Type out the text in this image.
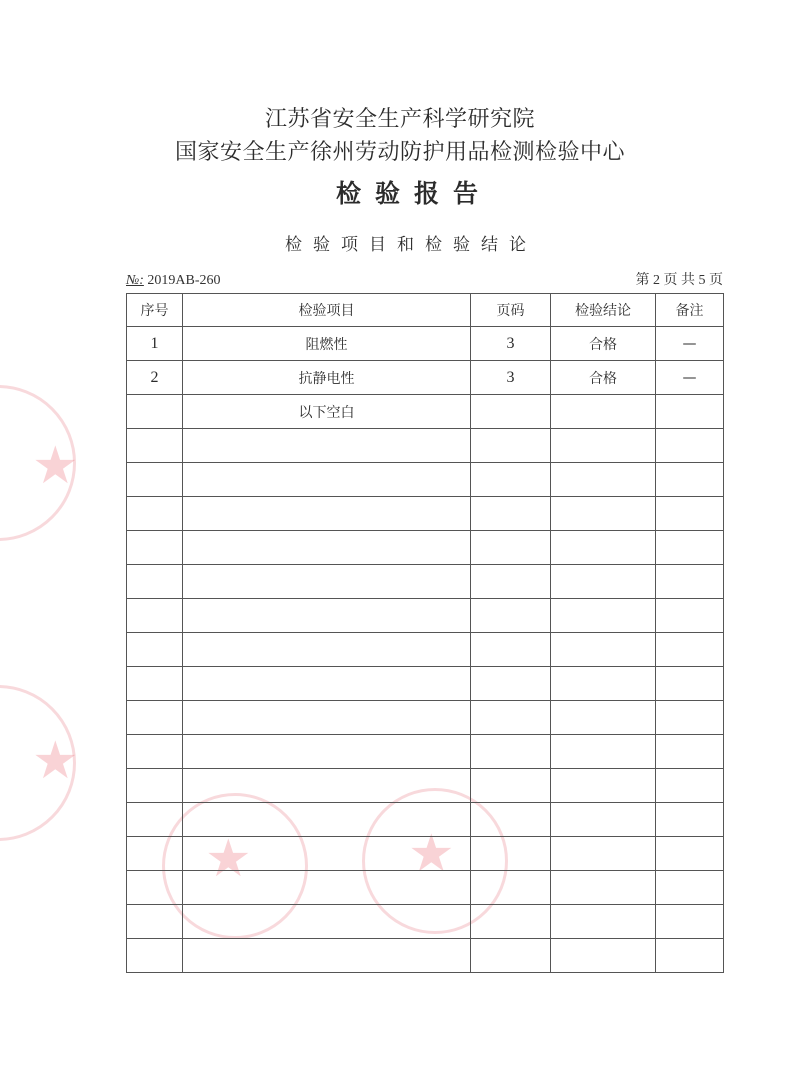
★
★
★	★
江苏省安全生产科学研究院
国家安全生产徐州劳动防护用品检测检验中心
检验报告
检验项目和检验结论
№: 2019AB-260	第 2 页 共 5 页
序号	检验项目	页码	检验结论	备注
1	阻燃性	3	合格	—
2	抗静电性	3	合格	—
	以下空白			
